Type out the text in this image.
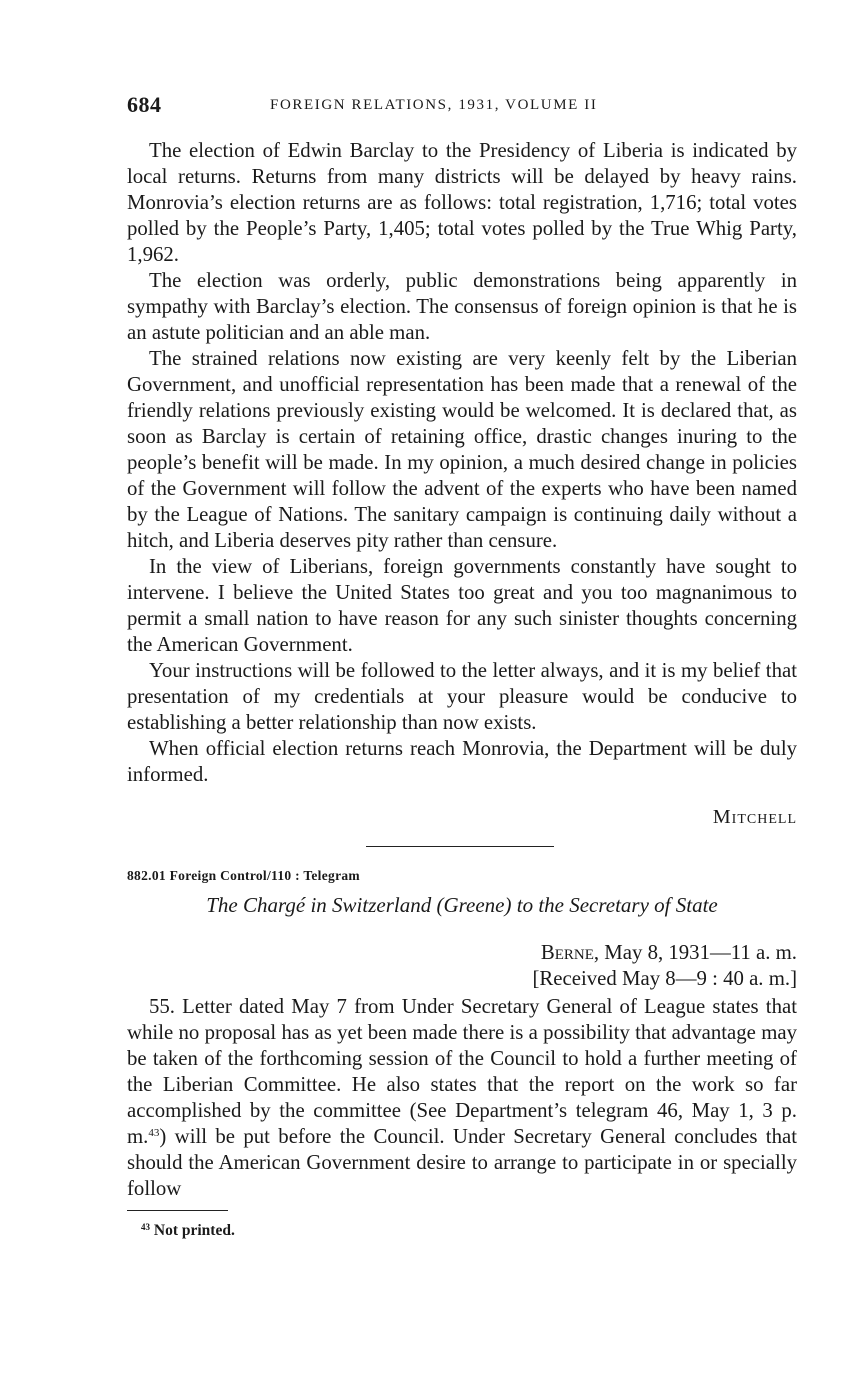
684	FOREIGN RELATIONS, 1931, VOLUME II

The election of Edwin Barclay to the Presidency of Liberia is indicated by local returns. Returns from many districts will be delayed by heavy rains. Monrovia’s election returns are as follows: total registration, 1,716; total votes polled by the People’s Party, 1,405; total votes polled by the True Whig Party, 1,962.

The election was orderly, public demonstrations being apparently in sympathy with Barclay’s election. The consensus of foreign opinion is that he is an astute politician and an able man.

The strained relations now existing are very keenly felt by the Liberian Government, and unofficial representation has been made that a renewal of the friendly relations previously existing would be welcomed. It is declared that, as soon as Barclay is certain of retaining office, drastic changes inuring to the people’s benefit will be made. In my opinion, a much desired change in policies of the Government will follow the advent of the experts who have been named by the League of Nations. The sanitary campaign is continuing daily without a hitch, and Liberia deserves pity rather than censure.

In the view of Liberians, foreign governments constantly have sought to intervene. I believe the United States too great and you too magnanimous to permit a small nation to have reason for any such sinister thoughts concerning the American Government.

Your instructions will be followed to the letter always, and it is my belief that presentation of my credentials at your pleasure would be conducive to establishing a better relationship than now exists.

When official election returns reach Monrovia, the Department will be duly informed.

Mitchell
882.01 Foreign Control/110 : Telegram
The Chargé in Switzerland (Greene) to the Secretary of State
Berne, May 8, 1931—11 a. m.
[Received May 8—9 : 40 a. m.]

55. Letter dated May 7 from Under Secretary General of League states that while no proposal has as yet been made there is a possibility that advantage may be taken of the forthcoming session of the Council to hold a further meeting of the Liberian Committee. He also states that the report on the work so far accomplished by the committee (See Department’s telegram 46, May 1, 3 p. m.$^{43}$) will be put before the Council. Under Secretary General concludes that should the American Government desire to arrange to participate in or specially follow

$^{43}$ Not printed.
